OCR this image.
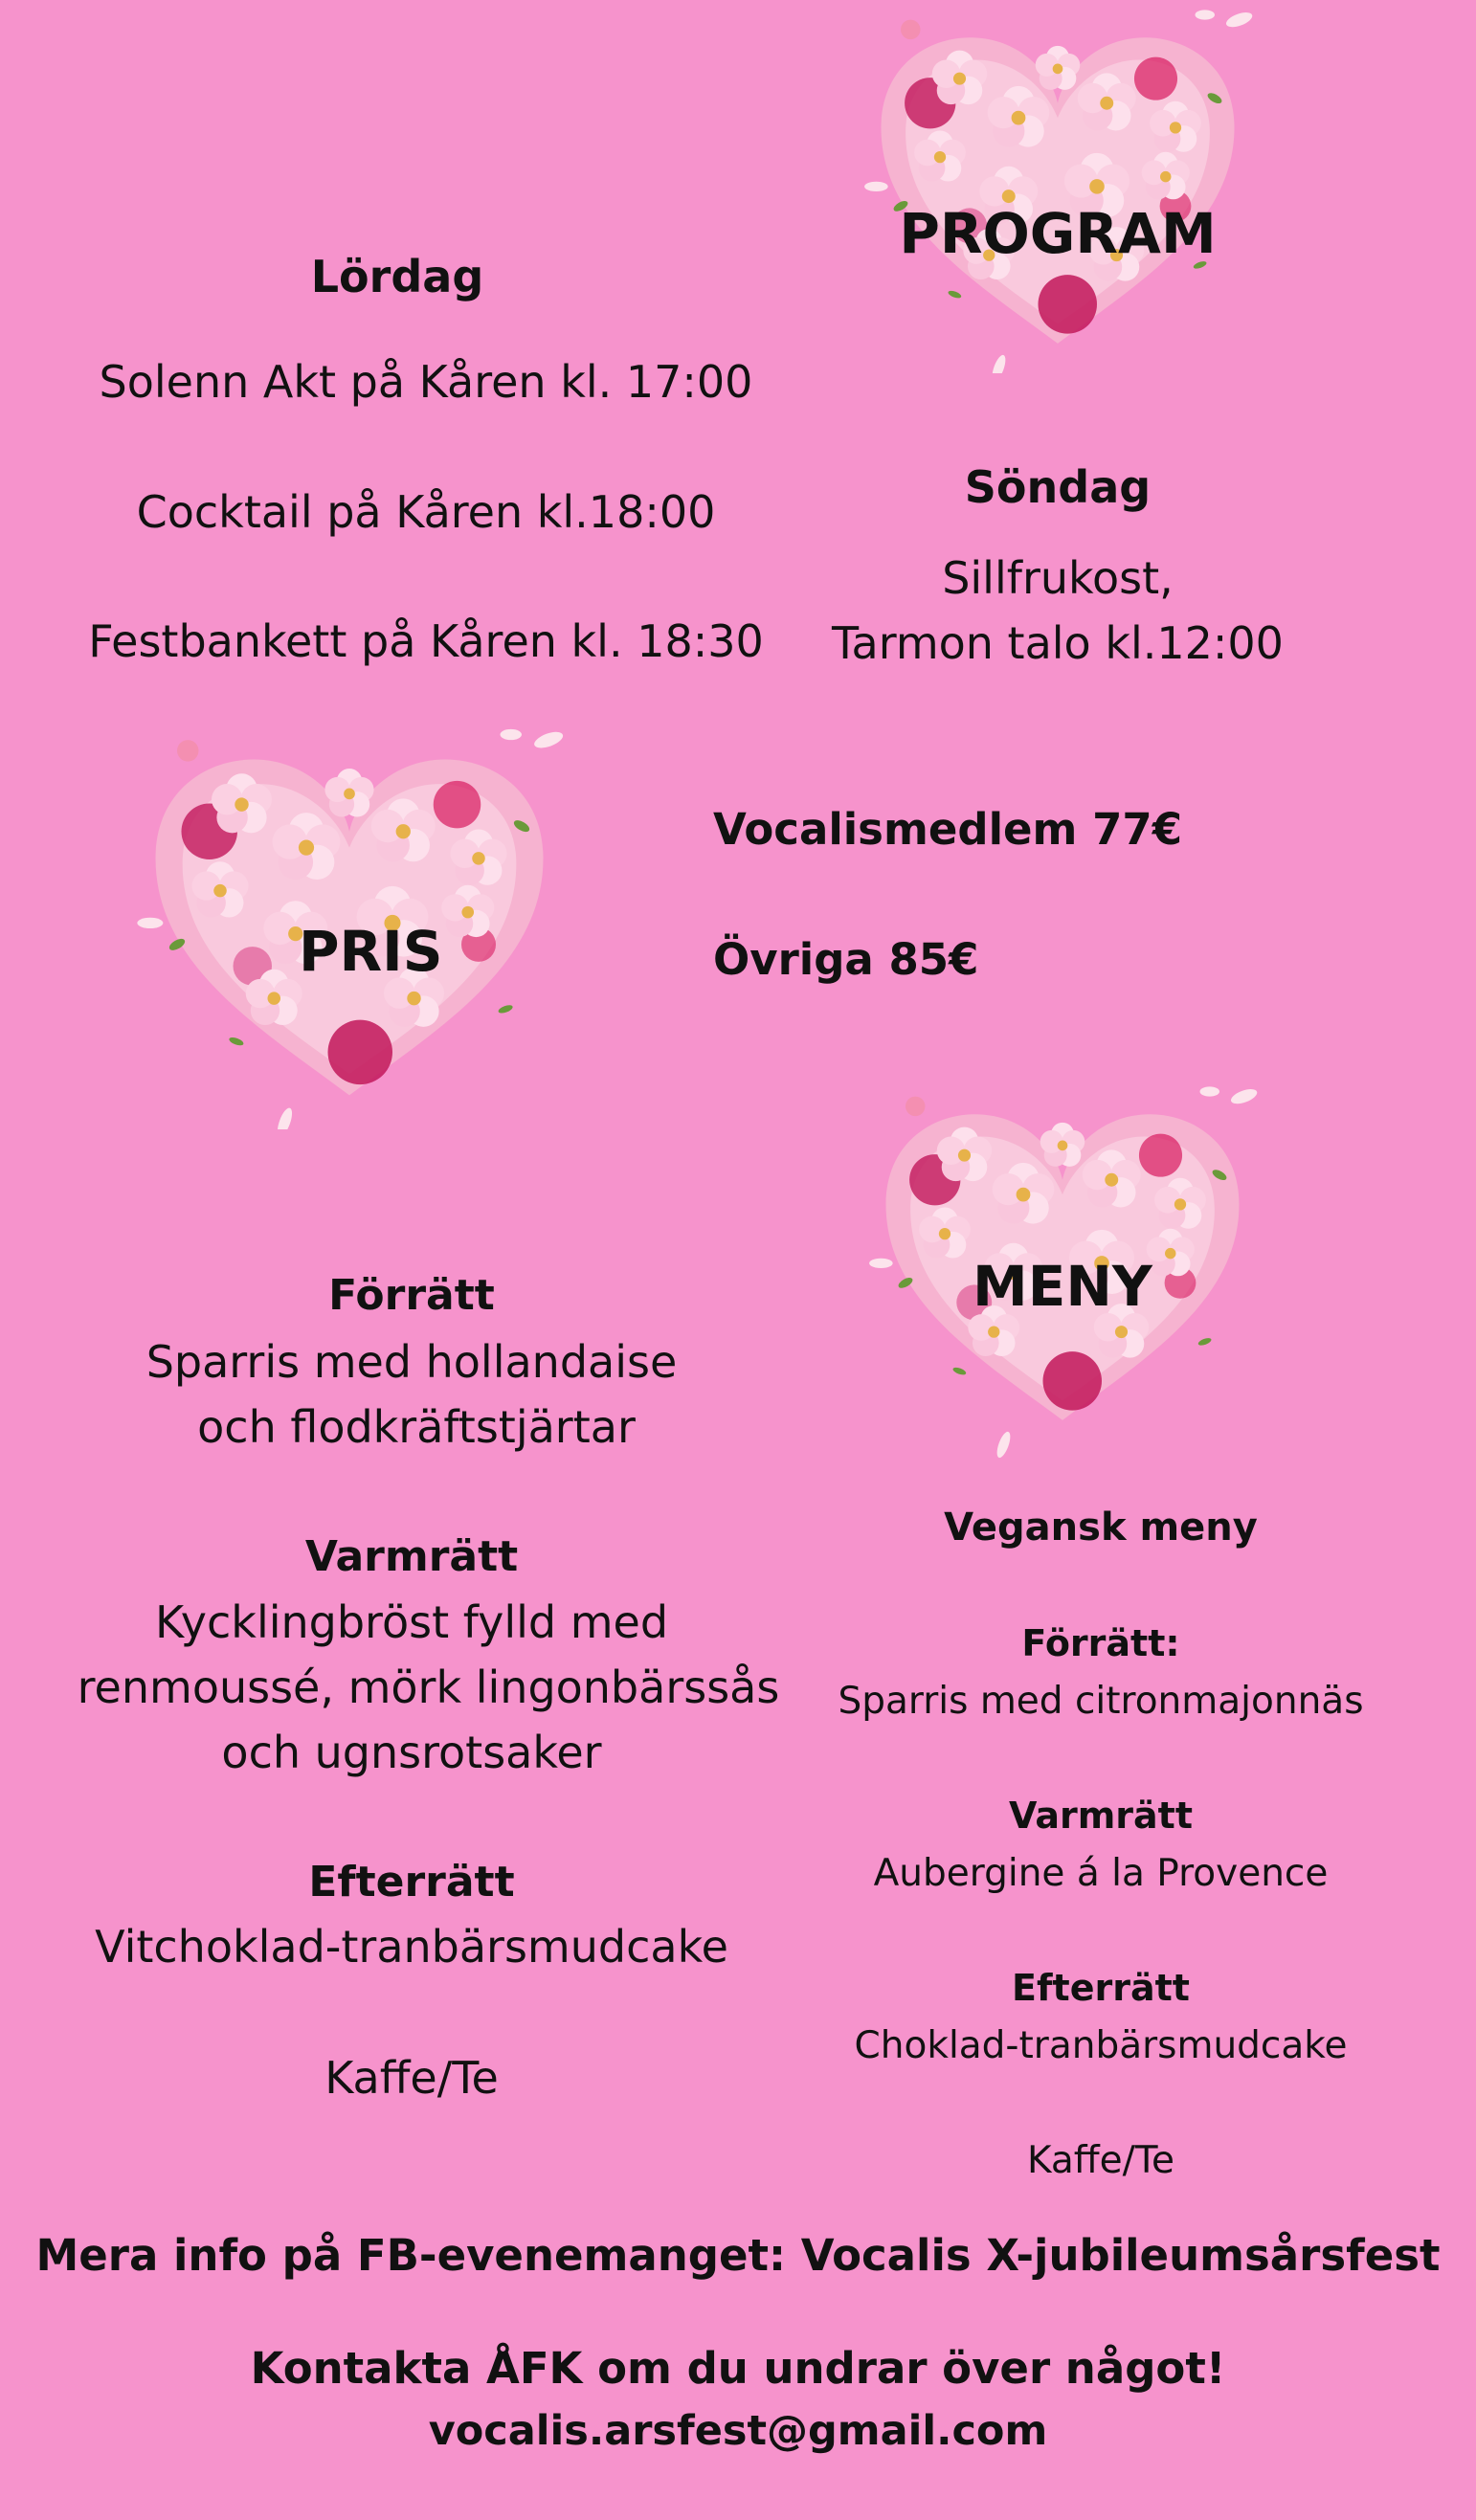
PROGRAM
Lördag
Solenn Akt på Kåren kl. 17:00
Cocktail på Kåren kl.18:00
Festbankett på Kåren kl. 18:30
Söndag
Sillfrukost,
Tarmon talo kl.12:00
PRIS
Vocalismedlem 77€
Övriga 85€
MENY
Förrätt
Sparris med hollandaise
och flodkräftstjärtar
Varmrätt
Kycklingbröst fylld med
renmoussé, mörk lingonbärssås
och ugnsrotsaker
Efterrätt
Vitchoklad-tranbärsmudcake
Kaffe/Te
Vegansk meny
Förrätt:
Sparris med citronmajonnäs
Varmrätt
Aubergine á la Provence
Efterrätt
Choklad-tranbärsmudcake
Kaffe/Te
Mera info på FB-evenemanget: Vocalis X-jubileumsårsfest
Kontakta ÅFK om du undrar över något!
vocalis.arsfest@gmail.com
